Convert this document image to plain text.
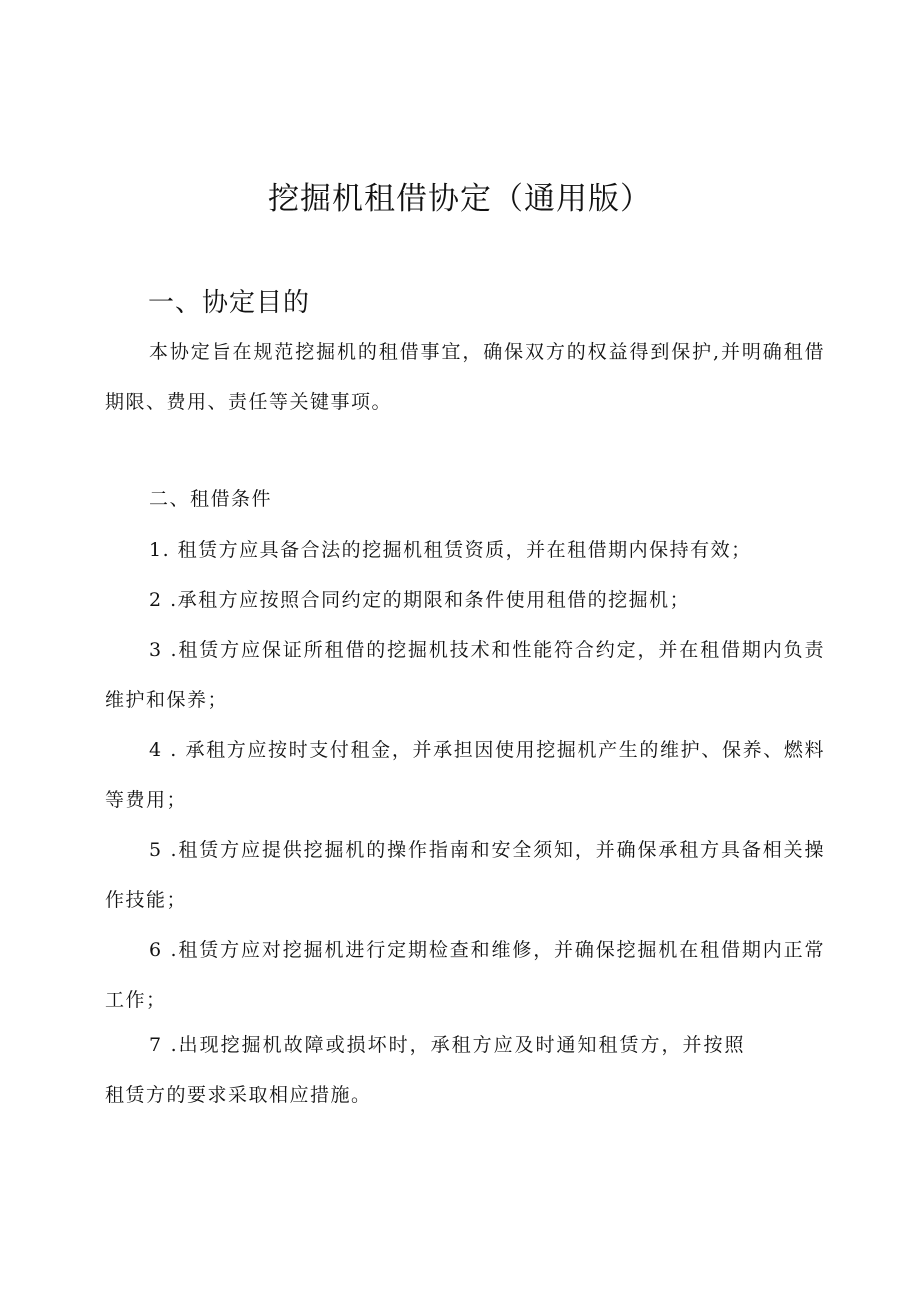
挖掘机租借协定（通用版）
一、协定目的

本协定旨在规范挖掘机的租借事宜，确保双方的权益得到保护,并明确租借期限、费用、责任等关键事项。

二、租借条件

1. 租赁方应具备合法的挖掘机租赁资质，并在租借期内保持有效；

2 .承租方应按照合同约定的期限和条件使用租借的挖掘机；

3 .租赁方应保证所租借的挖掘机技术和性能符合约定，并在租借期内负责维护和保养；

4 . 承租方应按时支付租金，并承担因使用挖掘机产生的维护、保养、燃料等费用；

5 .租赁方应提供挖掘机的操作指南和安全须知，并确保承租方具备相关操作技能；

6 .租赁方应对挖掘机进行定期检查和维修，并确保挖掘机在租借期内正常工作；

7 .出现挖掘机故障或损坏时，承租方应及时通知租赁方，并按照租赁方的要求采取相应措施。
